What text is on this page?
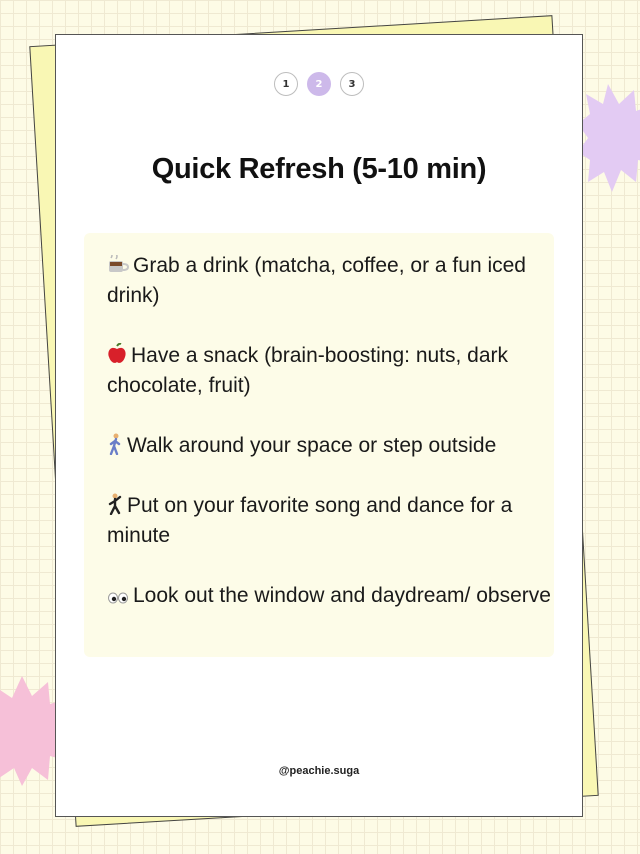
1	2	3
Quick Refresh (5-10 min)
Grab a drink (matcha, coffee, or a fun iced drink)
Have a snack (brain-boosting: nuts, dark chocolate, fruit)
Walk around your space or step outside
Put on your favorite song and dance for a minute
Look out the window and daydream/ observe
@peachie.suga
